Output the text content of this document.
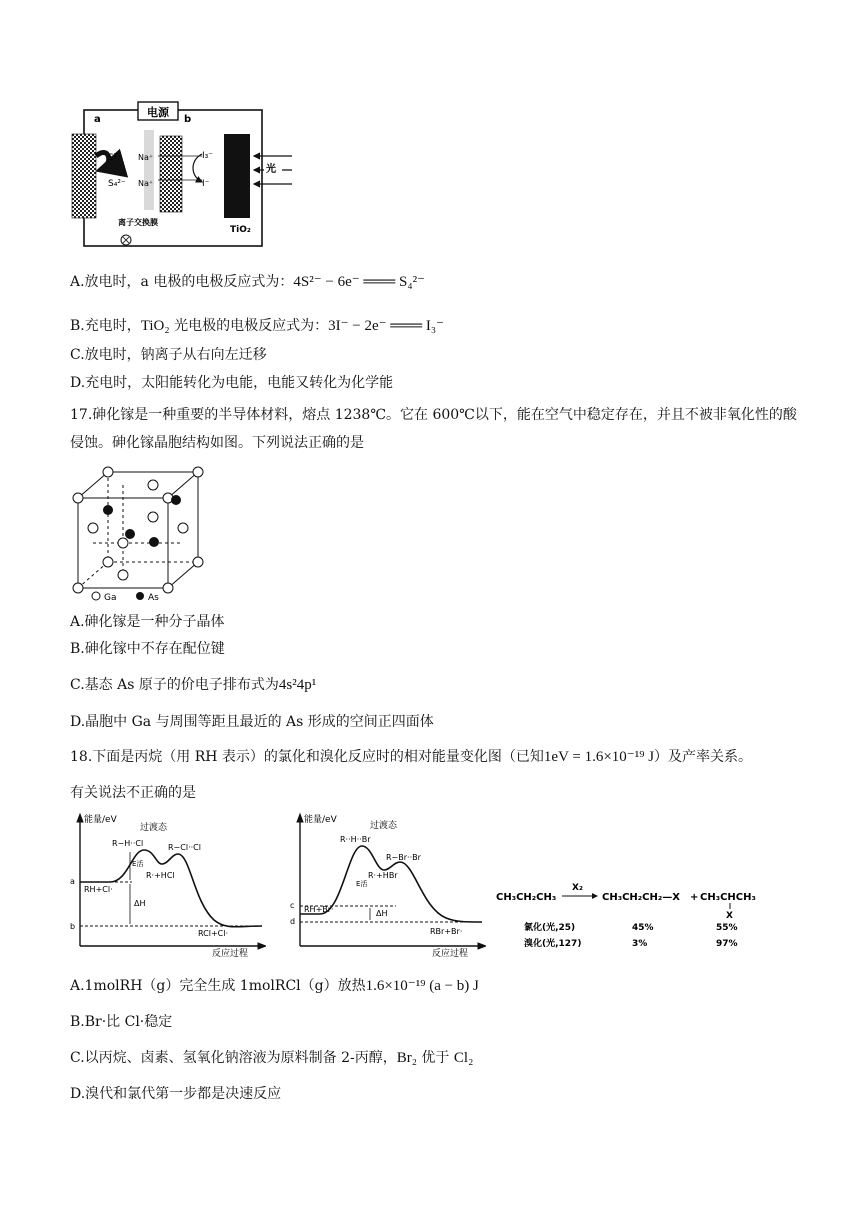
电源
a	b
S²⁻
S₄²⁻
Na⁺
Na⁺
I₃⁻
I⁻
光
离子交换膜
TiO₂
A.放电时，a 电极的电极反应式为：4S²⁻ − 6e⁻ ═══ S₄²⁻
B.充电时，TiO₂ 光电极的电极反应式为：3I⁻ − 2e⁻ ═══ I₃⁻
C.放电时，钠离子从右向左迁移
D.充电时，太阳能转化为电能，电能又转化为化学能
17.砷化镓是一种重要的半导体材料，熔点 1238℃。它在 600℃以下，能在空气中稳定存在，并且不被非氧化性的酸侵蚀。砷化镓晶胞结构如图。下列说法正确的是
Ga	As
A.砷化镓是一种分子晶体
B.砷化镓中不存在配位键
C.基态 As 原子的价电子排布式为4s²4p¹
D.晶胞中 Ga 与周围等距且最近的 As 形成的空间正四面体
18.下面是丙烷（用 RH 表示）的氯化和溴化反应时的相对能量变化图（已知1eV = 1.6×10⁻¹⁹ J）及产率关系。
有关说法不正确的是
能量/eV
过渡态
R−H··Cl	R−Cl··Cl
E活
R·+HCl
RH+Cl·
ΔH
RCl+Cl·
a
b
反应过程
能量/eV
过渡态
R··H··Br
R−Br··Br
E活
R·+HBr
RH+Br·	ΔH
RBr+Br·
c
d
反应过程
CH₃CH₂CH₃
X₂
CH₃CH₂CH₂—X + CH₃CHCH₃
X
氯化(光,25)	45%	55%
溴化(光,127)	3%	97%
A.1molRH（g）完全生成 1molRCl（g）放热1.6×10⁻¹⁹ (a − b) J
B.Br·比 Cl·稳定
C.以丙烷、卤素、氢氧化钠溶液为原料制备 2-丙醇，Br₂ 优于 Cl₂
D.溴代和氯代第一步都是决速反应
